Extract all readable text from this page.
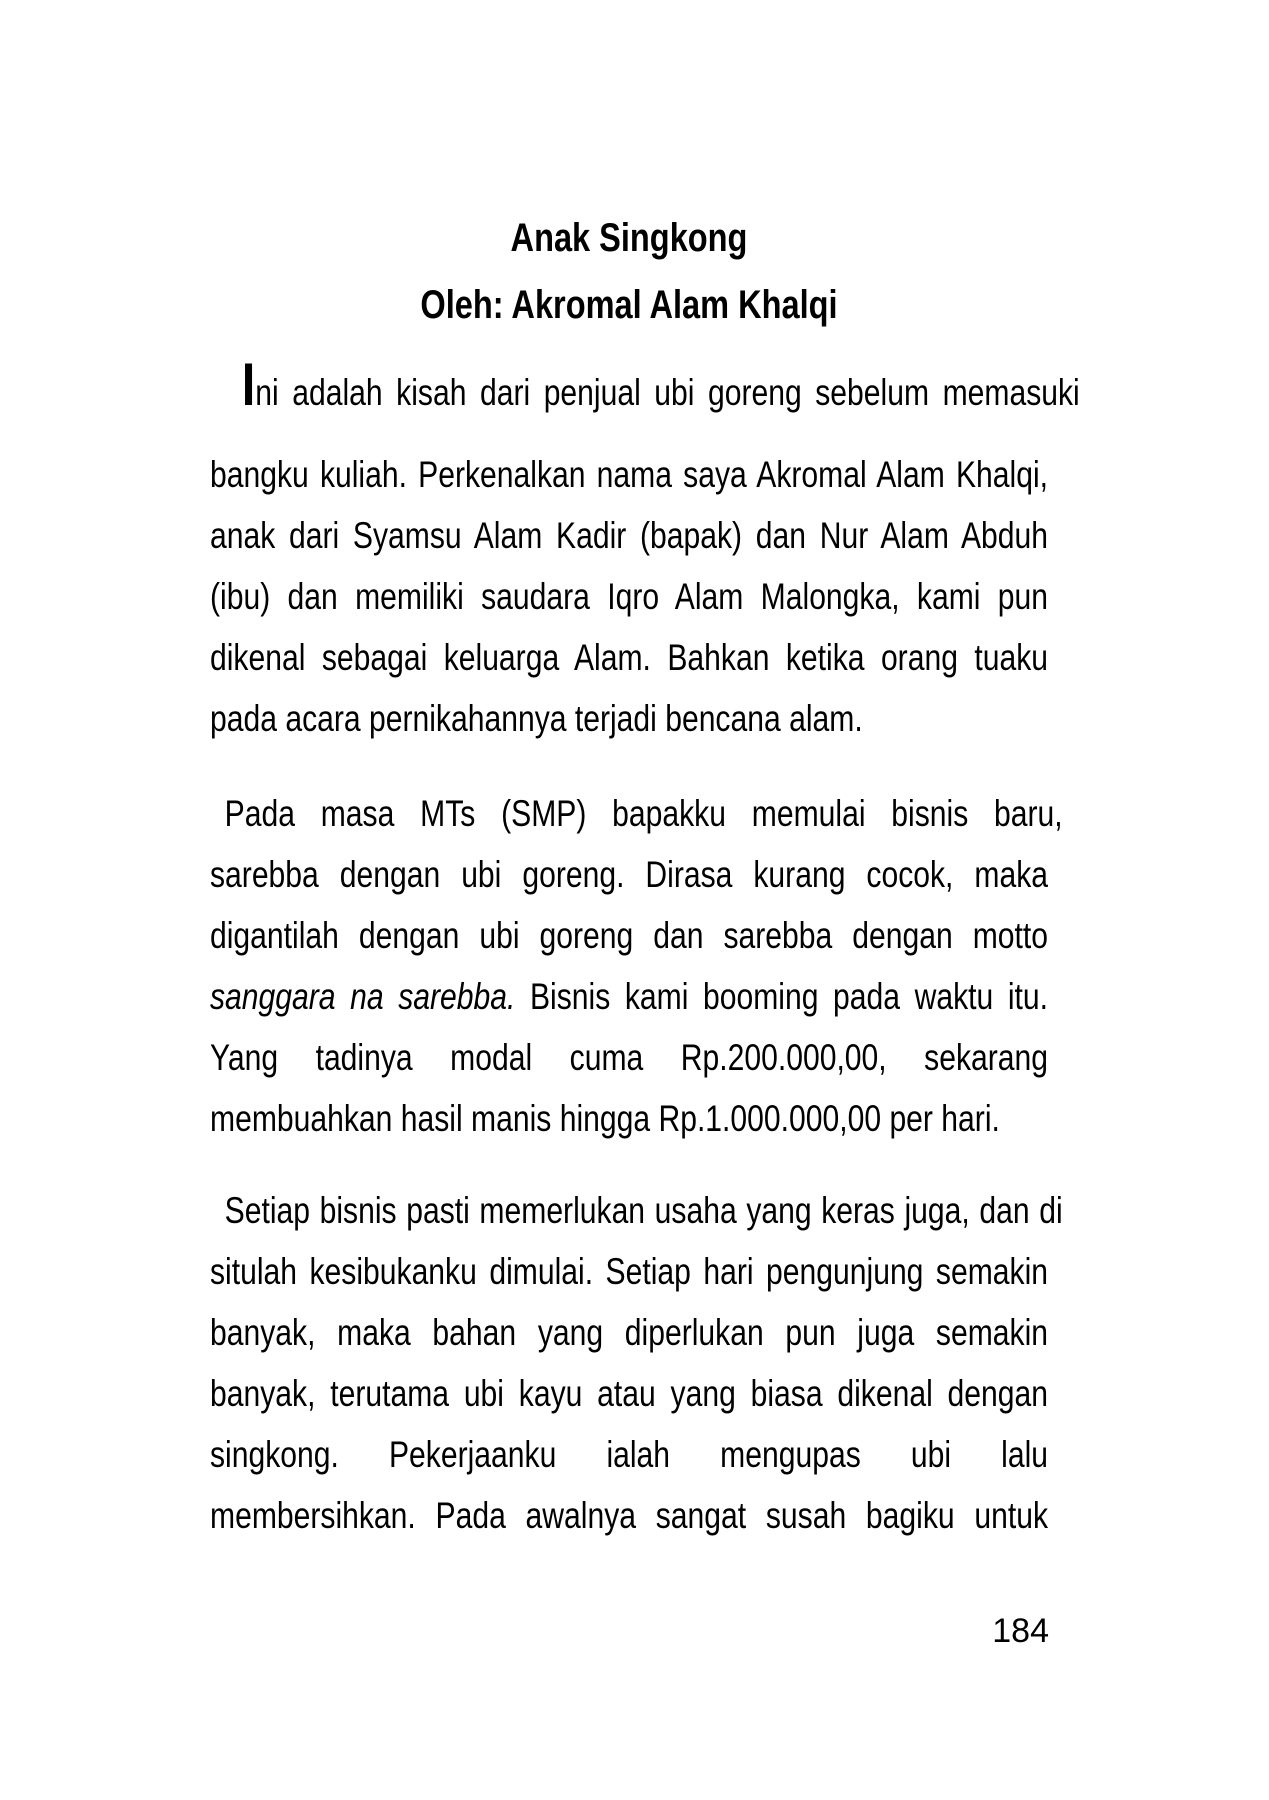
Anak Singkong
Oleh: Akromal Alam Khalqi
Ini adalah kisah dari penjual ubi goreng sebelum memasuki
bangku kuliah. Perkenalkan nama saya Akromal Alam Khalqi,
anak dari Syamsu Alam Kadir (bapak) dan Nur Alam Abduh
(ibu) dan memiliki saudara Iqro Alam Malongka, kami pun
dikenal sebagai keluarga Alam. Bahkan ketika orang tuaku
pada acara pernikahannya terjadi bencana alam.
Pada masa MTs (SMP) bapakku memulai bisnis baru,
sarebba dengan ubi goreng. Dirasa kurang cocok, maka
digantilah dengan ubi goreng dan sarebba dengan motto
sanggara na sarebba. Bisnis kami booming pada waktu itu.
Yang tadinya modal cuma Rp.200.000,00, sekarang
membuahkan hasil manis hingga Rp.1.000.000,00 per hari.
Setiap bisnis pasti memerlukan usaha yang keras juga, dan di
situlah kesibukanku dimulai. Setiap hari pengunjung semakin
banyak, maka bahan yang diperlukan pun juga semakin
banyak, terutama ubi kayu atau yang biasa dikenal dengan
singkong. Pekerjaanku ialah mengupas ubi lalu
membersihkan. Pada awalnya sangat susah bagiku untuk
184
